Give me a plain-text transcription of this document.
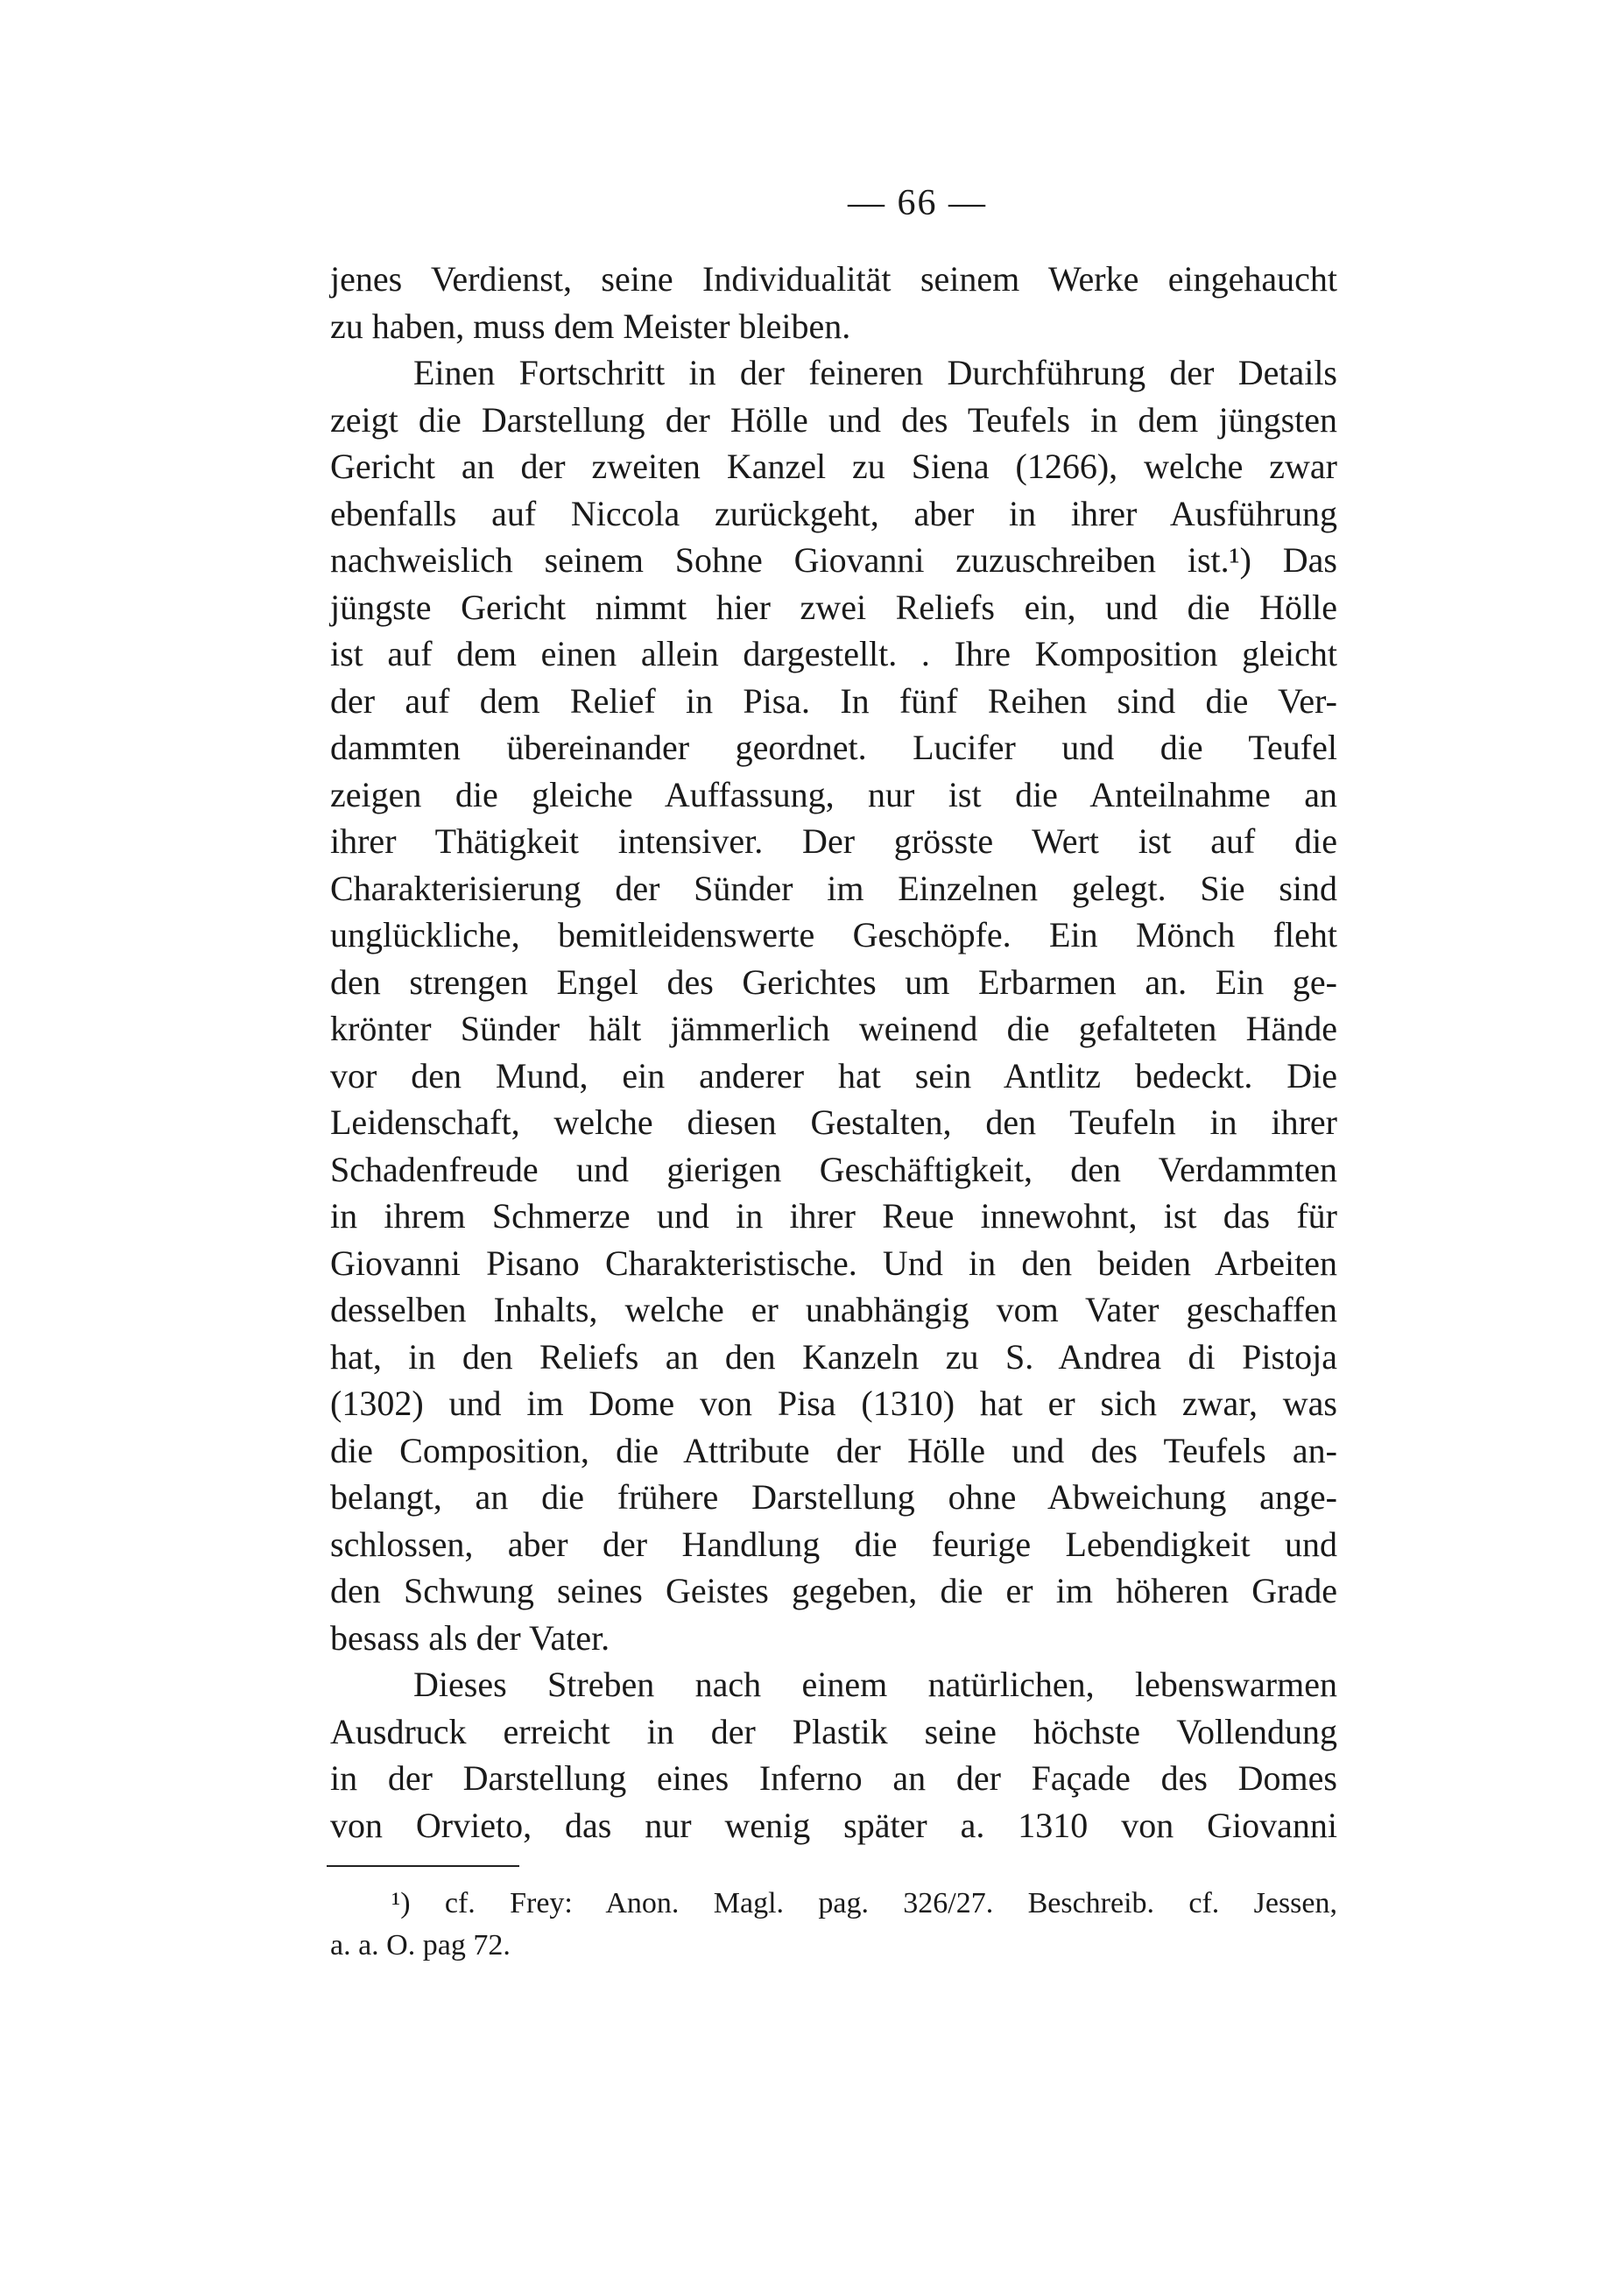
— 66 —
jenes Verdienst, seine Individualität seinem Werke eingehaucht
zu haben, muss dem Meister bleiben.
Einen Fortschritt in der feineren Durchführung der Details
zeigt die Darstellung der Hölle und des Teufels in dem jüngsten
Gericht an der zweiten Kanzel zu Siena (1266), welche zwar
ebenfalls auf Niccola zurückgeht, aber in ihrer Ausführung
nachweislich seinem Sohne Giovanni zuzuschreiben ist.¹) Das
jüngste Gericht nimmt hier zwei Reliefs ein, und die Hölle
ist auf dem einen allein dargestellt. . Ihre Komposition gleicht
der auf dem Relief in Pisa. In fünf Reihen sind die Ver-
dammten übereinander geordnet. Lucifer und die Teufel
zeigen die gleiche Auffassung, nur ist die Anteilnahme an
ihrer Thätigkeit intensiver. Der grösste Wert ist auf die
Charakterisierung der Sünder im Einzelnen gelegt. Sie sind
unglückliche, bemitleidenswerte Geschöpfe. Ein Mönch fleht
den strengen Engel des Gerichtes um Erbarmen an. Ein ge-
krönter Sünder hält jämmerlich weinend die gefalteten Hände
vor den Mund, ein anderer hat sein Antlitz bedeckt. Die
Leidenschaft, welche diesen Gestalten, den Teufeln in ihrer
Schadenfreude und gierigen Geschäftigkeit, den Verdammten
in ihrem Schmerze und in ihrer Reue innewohnt, ist das für
Giovanni Pisano Charakteristische. Und in den beiden Arbeiten
desselben Inhalts, welche er unabhängig vom Vater geschaffen
hat, in den Reliefs an den Kanzeln zu S. Andrea di Pistoja
(1302) und im Dome von Pisa (1310) hat er sich zwar, was
die Composition, die Attribute der Hölle und des Teufels an-
belangt, an die frühere Darstellung ohne Abweichung ange-
schlossen, aber der Handlung die feurige Lebendigkeit und
den Schwung seines Geistes gegeben, die er im höheren Grade
besass als der Vater.
Dieses Streben nach einem natürlichen, lebenswarmen
Ausdruck erreicht in der Plastik seine höchste Vollendung
in der Darstellung eines Inferno an der Façade des Domes
von Orvieto, das nur wenig später a. 1310 von Giovanni
¹) cf. Frey: Anon. Magl. pag. 326/27. Beschreib. cf. Jessen,
a. a. O. pag 72.
